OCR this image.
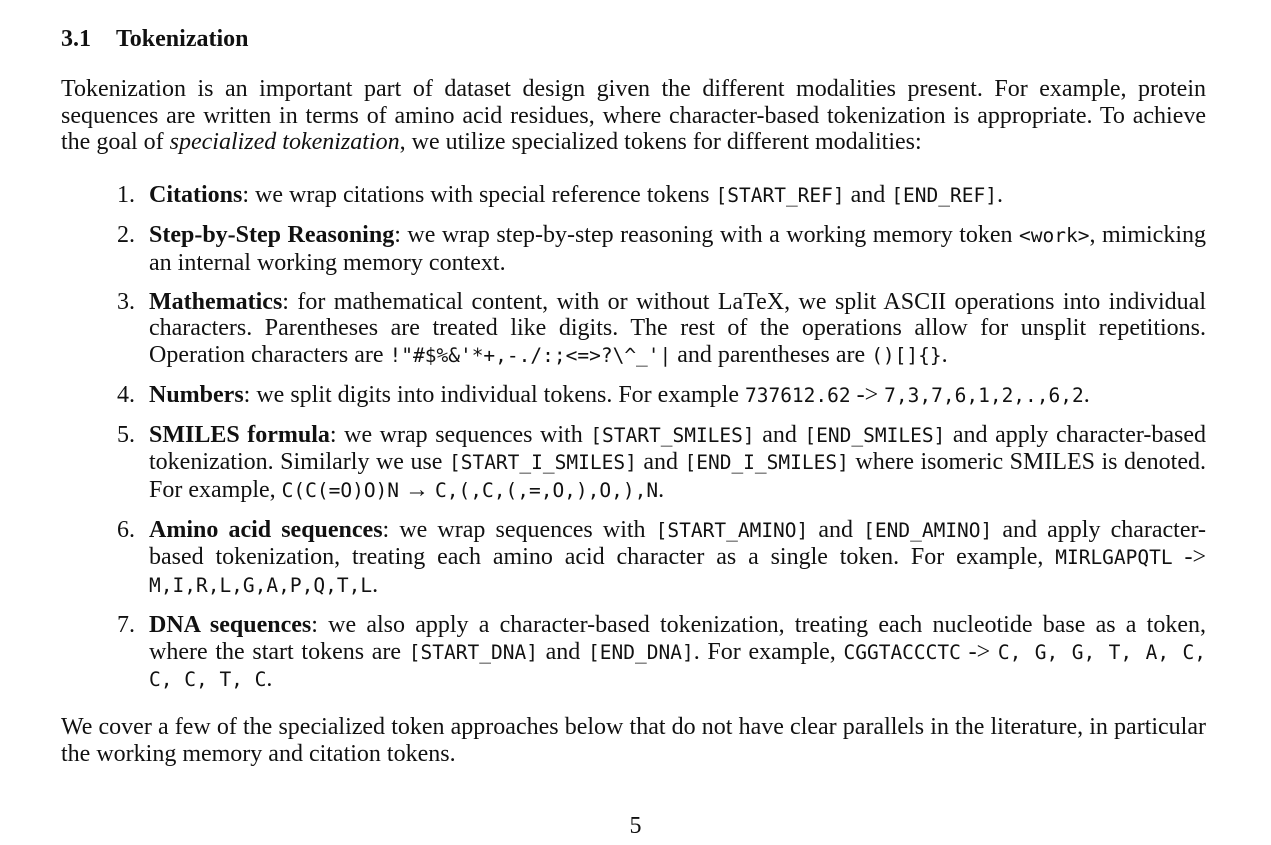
3.1 Tokenization

Tokenization is an important part of dataset design given the different modalities present. For example, protein sequences are written in terms of amino acid residues, where character-based tokenization is appropriate. To achieve the goal of specialized tokenization, we utilize specialized tokens for different modalities:

1. Citations: we wrap citations with special reference tokens [START_REF] and [END_REF].
2. Step-by-Step Reasoning: we wrap step-by-step reasoning with a working memory token <work>, mimicking an internal working memory context.
3. Mathematics: for mathematical content, with or without LaTeX, we split ASCII operations into individual characters. Parentheses are treated like digits. The rest of the operations allow for unsplit repetitions. Operation characters are !"#$%&'*+,-./:;<=>?\^_'| and parentheses are ()[]{}.
4. Numbers: we split digits into individual tokens. For example 737612.62 -> 7,3,7,6,1,2,.,6,2.
5. SMILES formula: we wrap sequences with [START_SMILES] and [END_SMILES] and apply character-based tokenization. Similarly we use [START_I_SMILES] and [END_I_SMILES] where isomeric SMILES is denoted. For example, C(C(=O)O)N → C,(,C,(,=,O,),O,),N.
6. Amino acid sequences: we wrap sequences with [START_AMINO] and [END_AMINO] and apply character-based tokenization, treating each amino acid character as a single token. For example, MIRLGAPQTL -> M,I,R,L,G,A,P,Q,T,L.
7. DNA sequences: we also apply a character-based tokenization, treating each nucleotide base as a token, where the start tokens are [START_DNA] and [END_DNA]. For example, CGGTACCCTC -> C, G, G, T, A, C, C, C, T, C.

We cover a few of the specialized token approaches below that do not have clear parallels in the literature, in particular the working memory and citation tokens.

5
